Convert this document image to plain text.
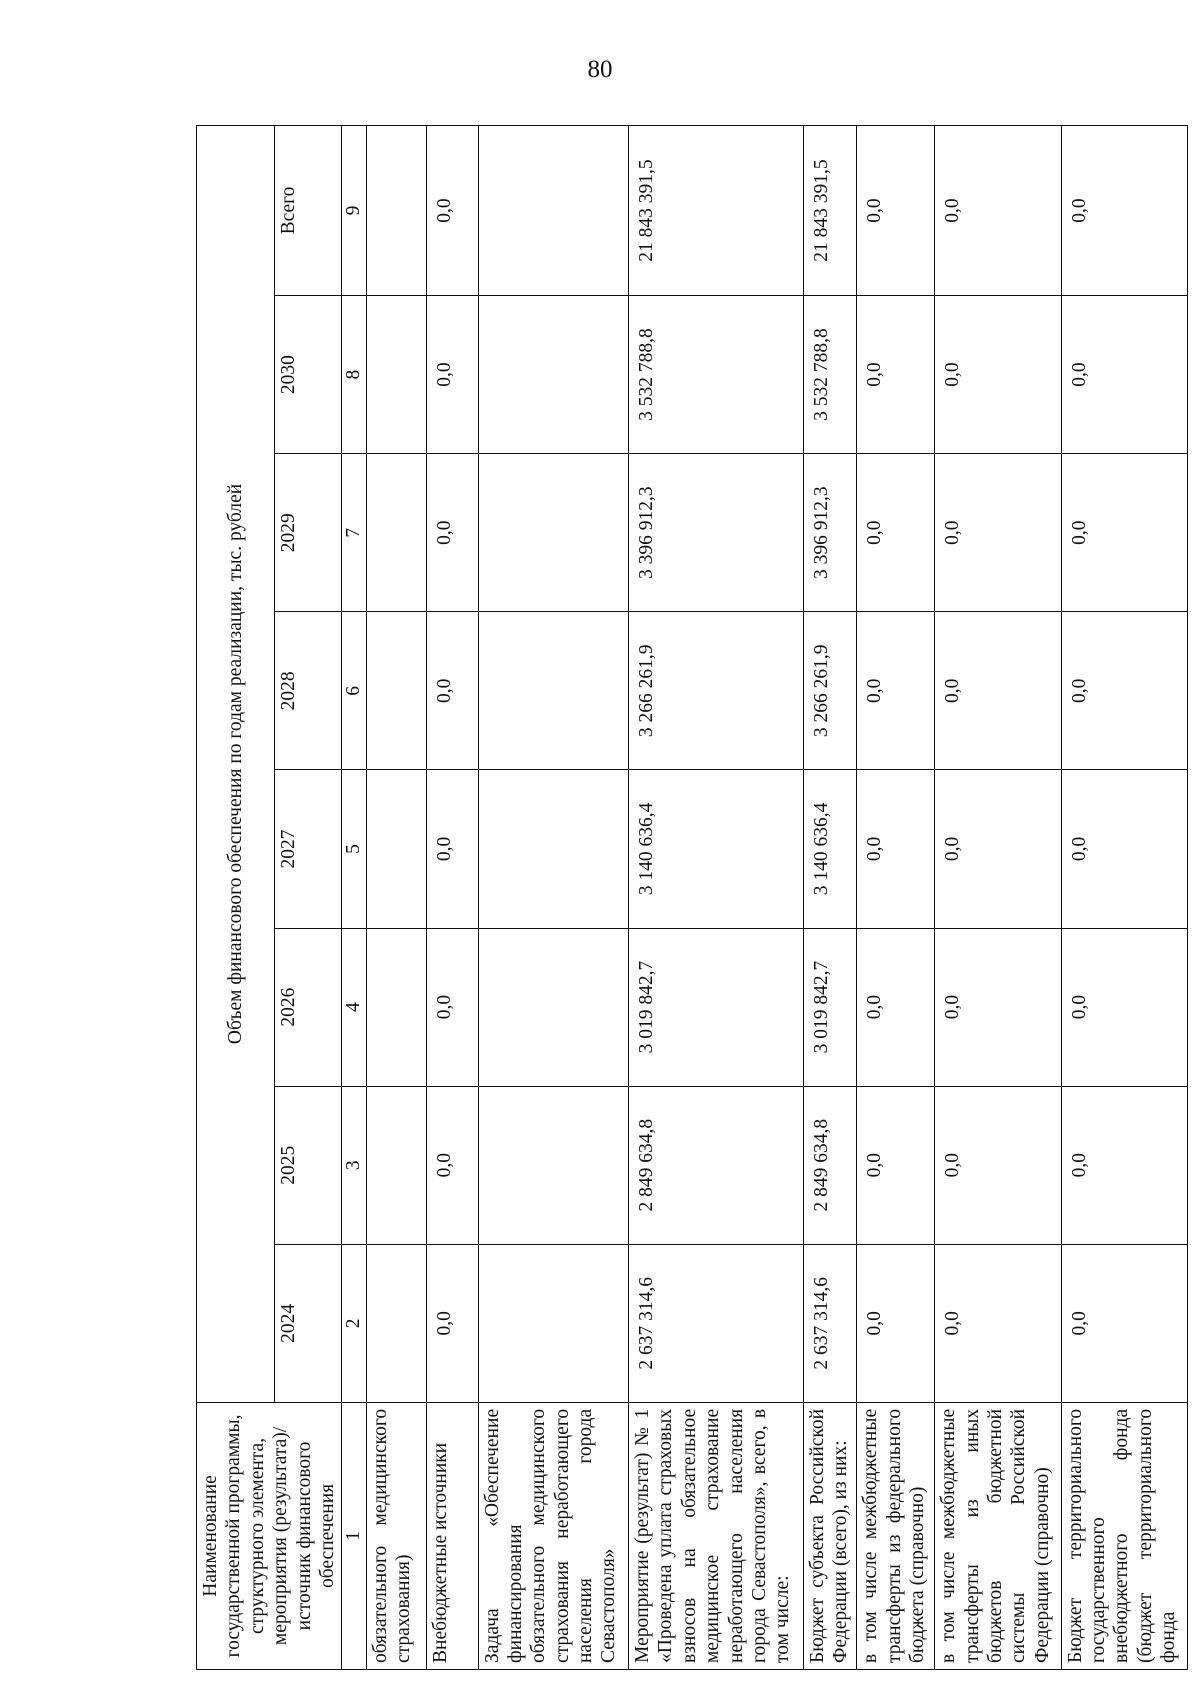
80
Наименование государственной программы, структурного элемента, мероприятия (результата)/источник финансового обеспечения	Объем финансового обеспечения по годам реализации, тыс. рублей							
	2024	2025	2026	2027	2028	2029	2030	Всего
1	2	3	4	5	6	7	8	9
обязательного медицинского страхования)								
Внебюджетные источники	0,0	0,0	0,0	0,0	0,0	0,0	0,0	0,0
Задача «Обеспечение финансирования обязательного медицинского страхования неработающего населения города Севастополя»								
Мероприятие (результат) № 1 «Проведена уплата страховых взносов на обязательное медицинское страхование неработающего населения города Севастополя», всего, в том числе:	2 637 314,6	2 849 634,8	3 019 842,7	3 140 636,4	3 266 261,9	3 396 912,3	3 532 788,8	21 843 391,5
Бюджет субъекта Российской Федерации (всего), из них:	2 637 314,6	2 849 634,8	3 019 842,7	3 140 636,4	3 266 261,9	3 396 912,3	3 532 788,8	21 843 391,5
в том числе межбюджетные трансферты из федерального бюджета (справочно)	0,0	0,0	0,0	0,0	0,0	0,0	0,0	0,0
в том числе межбюджетные трансферты из иных бюджетов бюджетной системы Российской Федерации (справочно)	0,0	0,0	0,0	0,0	0,0	0,0	0,0	0,0
Бюджет территориального государственного внебюджетного фонда (бюджет территориального фонда	0,0	0,0	0,0	0,0	0,0	0,0	0,0	0,0
